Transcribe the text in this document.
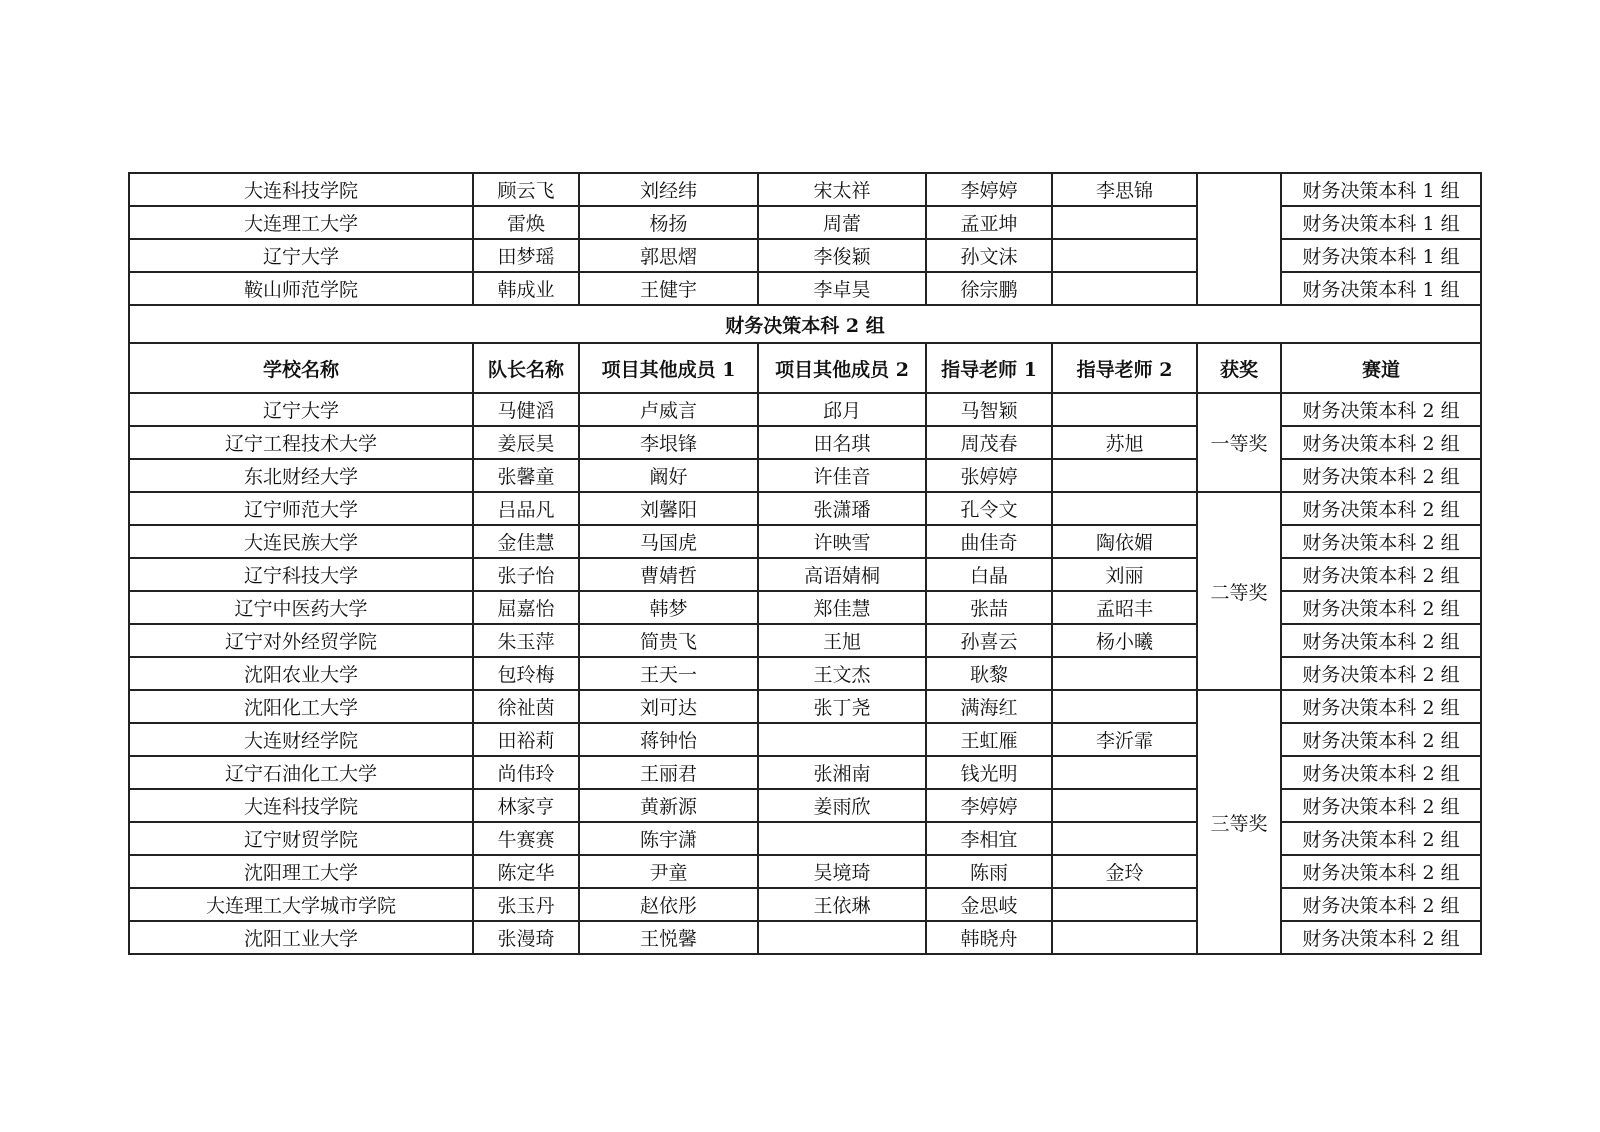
大连科技学院	顾云飞	刘经纬	宋太祥	李婷婷	李思锦		财务决策本科 1 组
大连理工大学	雷焕	杨扬	周蕾	孟亚坤			财务决策本科 1 组
辽宁大学	田梦瑶	郭思熠	李俊颖	孙文沫			财务决策本科 1 组
鞍山师范学院	韩成业	王健宇	李卓昊	徐宗鹏			财务决策本科 1 组
财务决策本科 2 组							
学校名称	队长名称	项目其他成员 1	项目其他成员 2	指导老师 1	指导老师 2	获奖	赛道
辽宁大学	马健滔	卢威言	邱月	马智颖		一等奖	财务决策本科 2 组
辽宁工程技术大学	姜辰昊	李垠锋	田名琪	周茂春	苏旭		财务决策本科 2 组
东北财经大学	张馨童	阚好	许佳音	张婷婷			财务决策本科 2 组
辽宁师范大学	吕品凡	刘馨阳	张潇璠	孔令文		二等奖	财务决策本科 2 组
大连民族大学	金佳慧	马国虎	许映雪	曲佳奇	陶依媚		财务决策本科 2 组
辽宁科技大学	张子怡	曹婧哲	高语婧桐	白晶	刘丽		财务决策本科 2 组
辽宁中医药大学	屈嘉怡	韩梦	郑佳慧	张喆	孟昭丰		财务决策本科 2 组
辽宁对外经贸学院	朱玉萍	简贵飞	王旭	孙喜云	杨小曦		财务决策本科 2 组
沈阳农业大学	包玲梅	王天一	王文杰	耿黎			财务决策本科 2 组
沈阳化工大学	徐祉茵	刘可达	张丁尧	满海红		三等奖	财务决策本科 2 组
大连财经学院	田裕莉	蒋钟怡		王虹雁	李沂霏		财务决策本科 2 组
辽宁石油化工大学	尚伟玲	王丽君	张湘南	钱光明			财务决策本科 2 组
大连科技学院	林家亨	黄新源	姜雨欣	李婷婷			财务决策本科 2 组
辽宁财贸学院	牛赛赛	陈宇潇		李相宜			财务决策本科 2 组
沈阳理工大学	陈定华	尹童	吴境琦	陈雨	金玲		财务决策本科 2 组
大连理工大学城市学院	张玉丹	赵依彤	王依琳	金思岐			财务决策本科 2 组
沈阳工业大学	张漫琦	王悦馨		韩晓舟			财务决策本科 2 组
